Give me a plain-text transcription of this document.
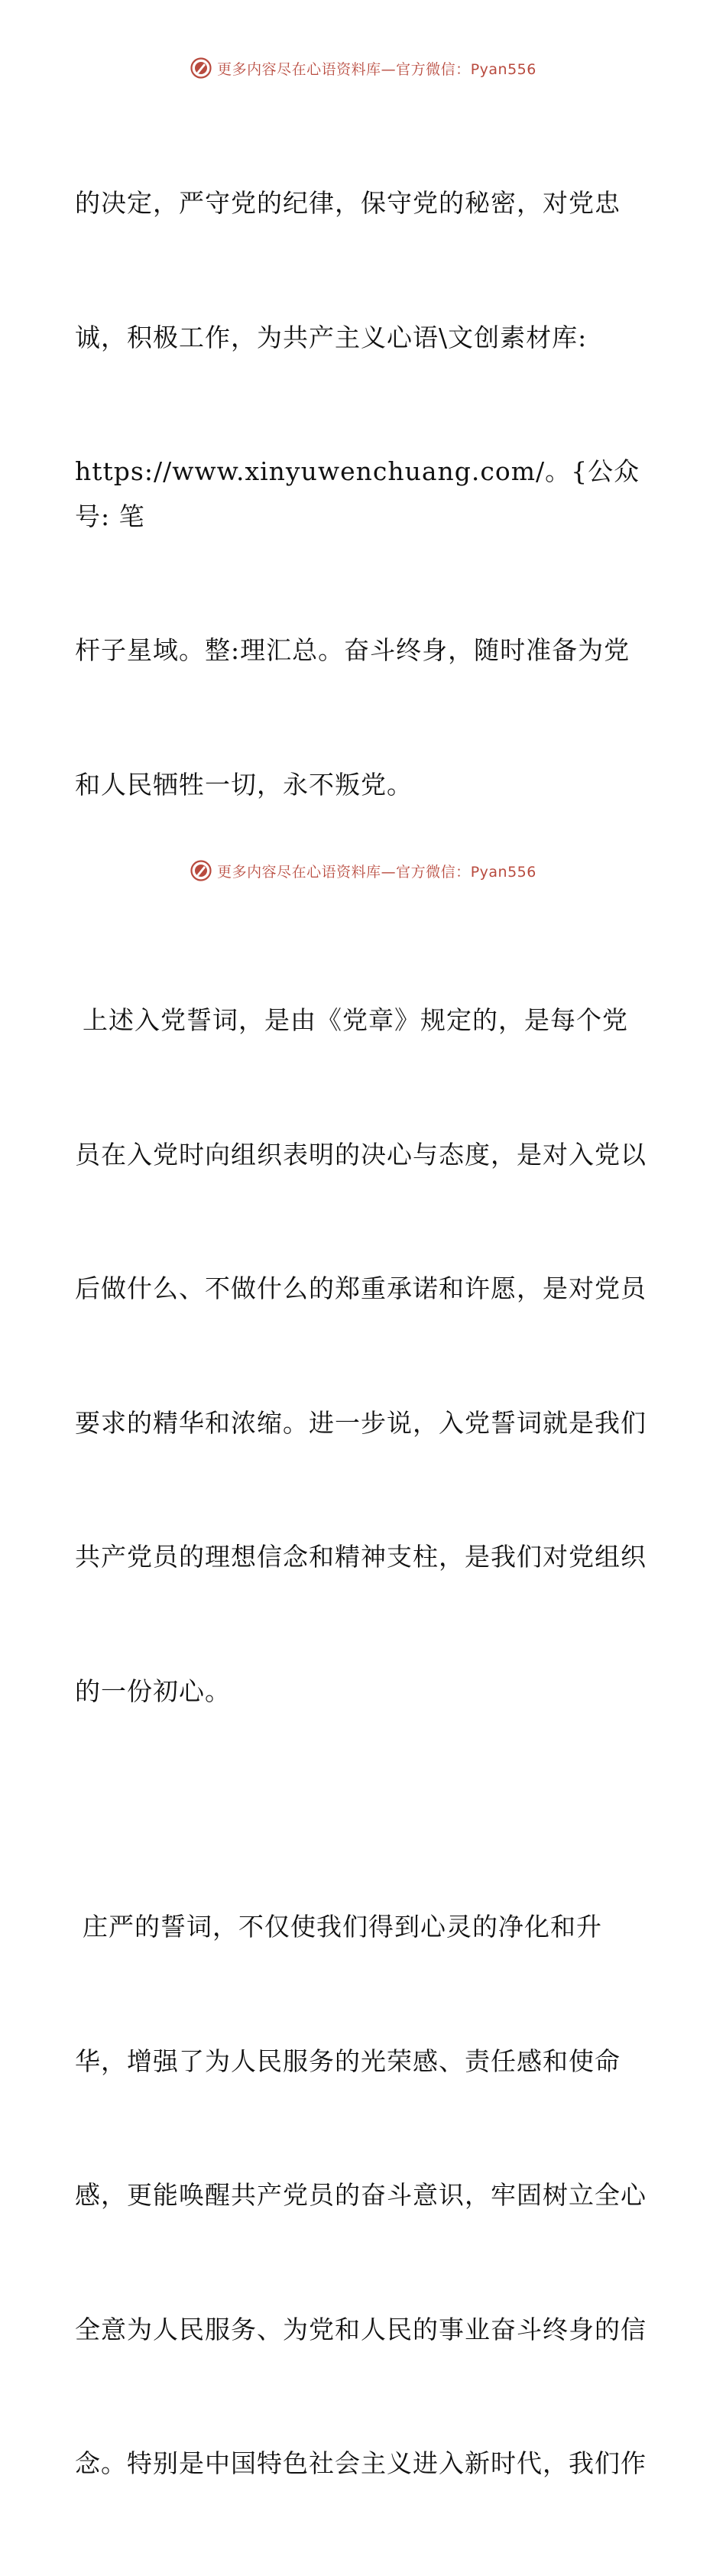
更多内容尽在心语资料库—官方微信：Pyan556

的决定，严守党的纪律，保守党的秘密，对党忠

诚，积极工作，为共产主义心语\文创素材库:

https://www.xinyuwenchuang.com/。{公众号: 笔

杆子星域。整:理汇总。奋斗终身，随时准备为党

和人民牺牲一切，永不叛党。

上述入党誓词，是由《党章》规定的，是每个党

员在入党时向组织表明的决心与态度，是对入党以

后做什么、不做什么的郑重承诺和许愿，是对党员

要求的精华和浓缩。进一步说，入党誓词就是我们

共产党员的理想信念和精神支柱，是我们对党组织

的一份初心。

庄严的誓词，不仅使我们得到心灵的净化和升

华，增强了为人民服务的光荣感、责任感和使命

感，更能唤醒共产党员的奋斗意识，牢固树立全心

全意为人民服务、为党和人民的事业奋斗终身的信

念。特别是中国特色社会主义进入新时代，我们作

更多内容尽在心语资料库—官方微信：Pyan556
